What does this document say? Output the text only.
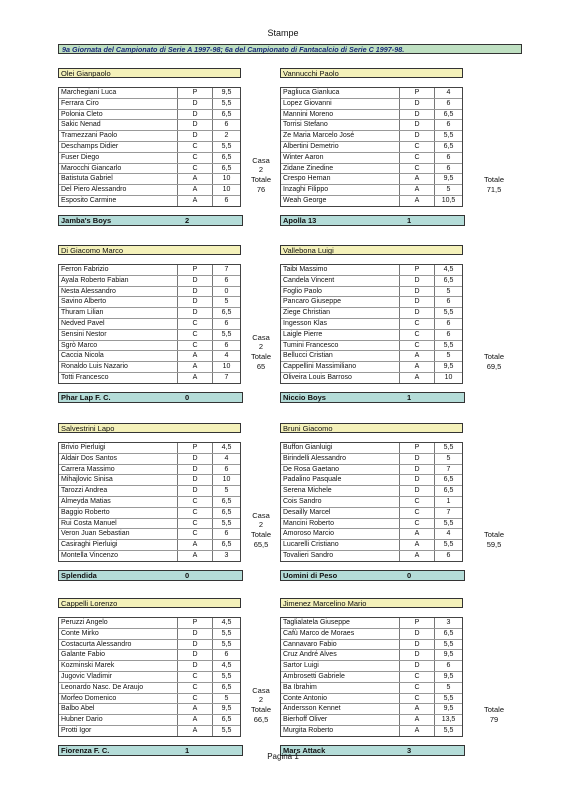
Stampe
9a Giornata del Campionato di Serie A 1997-98; 6a del Campionato di Fantacalcio di Serie C 1997-98.
Olei Gianpaolo
Marchegiani Luca	P	9,5
Ferrara Ciro	D	5,5
Polonia Cleto	D	6,5
Sakic Nenad	D	6
Tramezzani Paolo	D	2
Deschamps Didier	C	5,5
Fuser Diego	C	6,5
Marocchi Giancarlo	C	6,5
Batistuta Gabriel	A	10
Del Piero Alessandro	A	10
Esposito Carmine	A	6
Casa
2
Totale
76
Vannucchi Paolo
Pagliuca Gianluca	P	4
Lopez Giovanni	D	6
Mannini Moreno	D	6,5
Torrisi Stefano	D	6
Ze Maria Marcelo José	D	5,5
Albertini Demetrio	C	6,5
Winter Aaron	C	6
Zidane Zinedine	C	6
Crespo Hernan	A	9,5
Inzaghi Filippo	A	5
Weah George	A	10,5
Totale
71,5
Jamba's Boys	2	Apolla 13	1
Di Giacomo Marco
Ferron Fabrizio	P	7
Ayala Roberto Fabian	D	6
Nesta Alessandro	D	0
Savino Alberto	D	5
Thuram Lilian	D	6,5
Nedved Pavel	C	6
Sensini Nestor	C	5,5
Sgrò Marco	C	6
Caccia Nicola	A	4
Ronaldo Luis Nazario	A	10
Totti Francesco	A	7
Casa
2
Totale
65
Vallebona Luigi
Taibi Massimo	P	4,5
Candela Vincent	D	6,5
Foglio Paolo	D	5
Pancaro Giuseppe	D	6
Ziege Christian	D	5,5
Ingesson Klas	C	6
Laigle Pierre	C	6
Tumini Francesco	C	5,5
Bellucci Cristian	A	5
Cappellini Massimiliano	A	9,5
Oliveira Louis Barroso	A	10
Totale
69,5
Phar Lap F. C.	0	Niccio Boys	1
Salvestrini Lapo
Brivio Pierluigi	P	4,5
Aldair Dos Santos	D	4
Carrera Massimo	D	6
Mihajlovic Sinisa	D	10
Tarozzi Andrea	D	5
Almeyda Matias	C	6,5
Baggio Roberto	C	6,5
Rui Costa Manuel	C	5,5
Veron Juan Sebastian	C	6
Casiraghi Pierluigi	A	6,5
Montella Vincenzo	A	3
Casa
2
Totale
65,5
Bruni Giacomo
Buffon Gianluigi	P	5,5
Birindelli Alessandro	D	5
De Rosa Gaetano	D	7
Padalino Pasquale	D	6,5
Serena Michele	D	6,5
Cois Sandro	C	1
Desailly Marcel	C	7
Mancini Roberto	C	5,5
Amoroso Marcio	A	4
Lucarelli Cristiano	A	5,5
Tovalieri Sandro	A	6
Totale
59,5
Splendida	0	Uomini di Peso	0
Cappelli Lorenzo
Peruzzi Angelo	P	4,5
Conte Mirko	D	5,5
Costacurta Alessandro	D	5,5
Galante Fabio	D	6
Kozminski Marek	D	4,5
Jugovic Vladimir	C	5,5
Leonardo Nasc. De Araujo	C	6,5
Morfeo Domenico	C	5
Balbo Abel	A	9,5
Hubner Dario	A	6,5
Protti Igor	A	5,5
Casa
2
Totale
66,5
Jimenez Marcelino Mario
Taglialatela Giuseppe	P	3
Cafù Marco de Moraes	D	6,5
Cannavaro Fabio	D	5,5
Cruz André Alves	D	9,5
Sartor Luigi	D	6
Ambrosetti Gabriele	C	9,5
Ba Ibrahim	C	5
Conte Antonio	C	5,5
Andersson Kennet	A	9,5
Bierhoff Oliver	A	13,5
Murgita Roberto	A	5,5
Totale
79
Fiorenza F. C.	1	Mars Attack	3
Pagina 1
